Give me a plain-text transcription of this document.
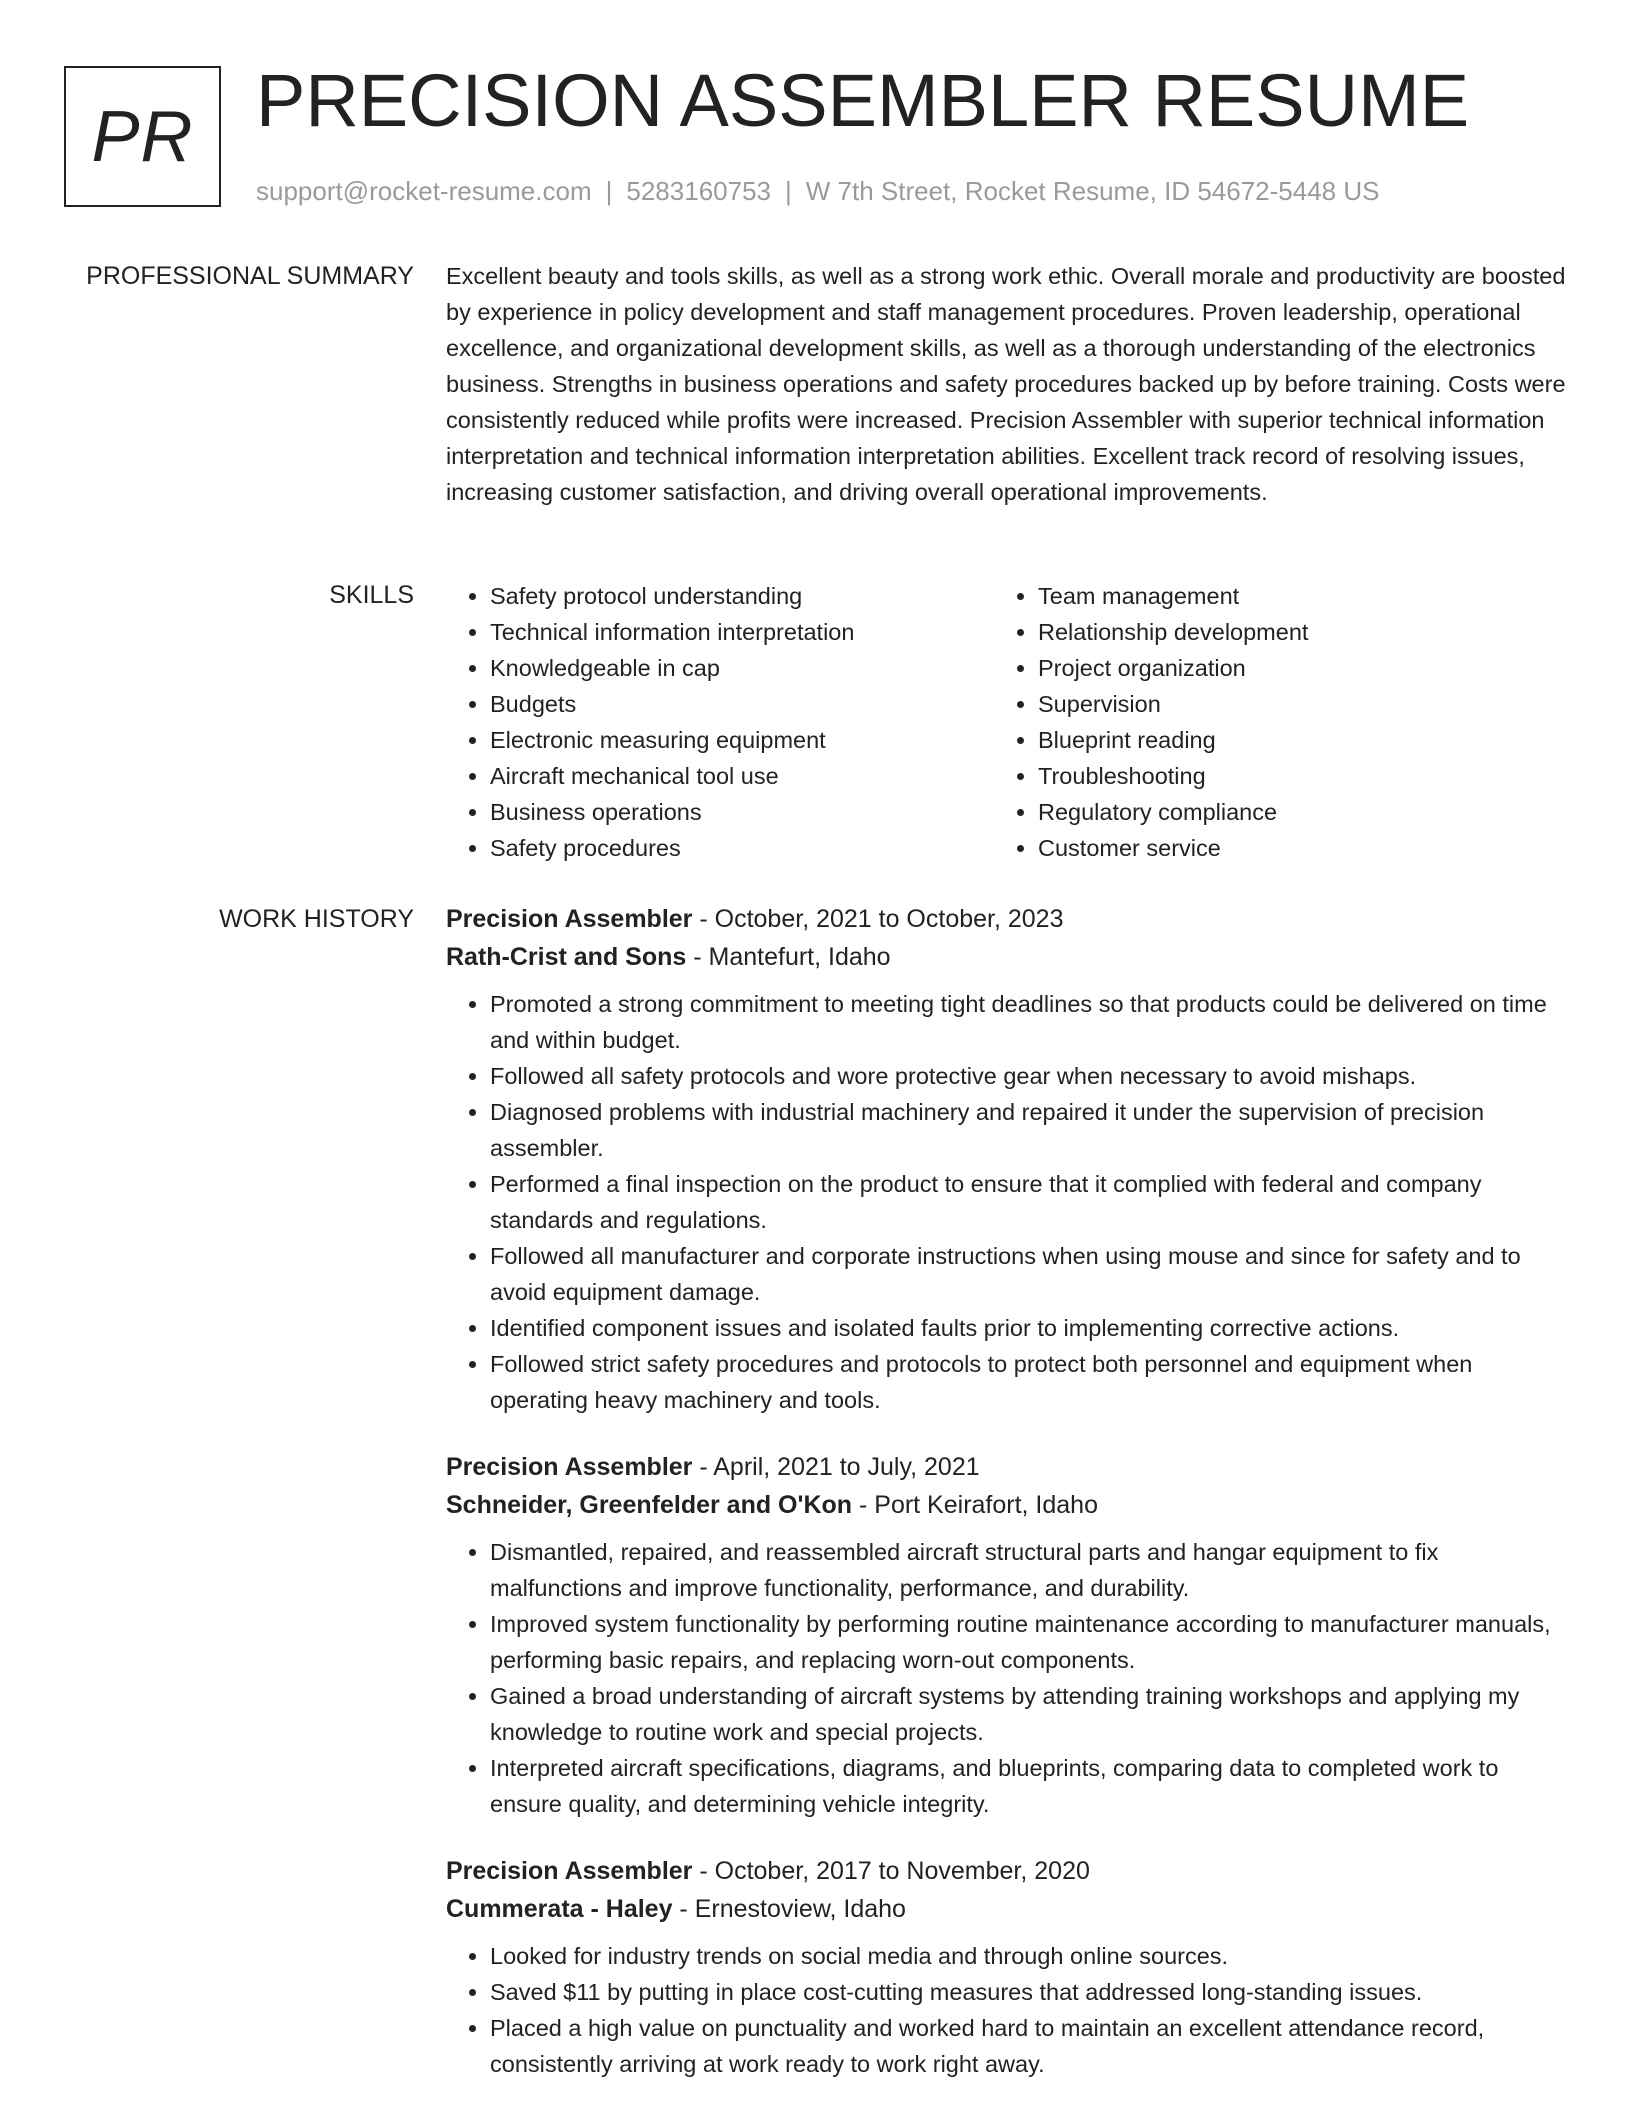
PR PRECISION ASSEMBLER RESUME
support@rocket-resume.com | 5283160753 | W 7th Street, Rocket Resume, ID 54672-5448 US
PROFESSIONAL SUMMARY Excellent beauty and tools skills, as well as a strong work ethic. Overall morale and productivity are boosted by experience in policy development and staff management procedures. Proven leadership, operational excellence, and organizational development skills, as well as a thorough understanding of the electronics business. Strengths in business operations and safety procedures backed up by before training. Costs were consistently reduced while profits were increased. Precision Assembler with superior technical information interpretation and technical information interpretation abilities. Excellent track record of resolving issues, increasing customer satisfaction, and driving overall operational improvements.

SKILLS
•	Safety protocol understanding
• Technical information interpretation
• Knowledgeable in cap
• Budgets
• Electronic measuring equipment
• Aircraft mechanical tool use
• Business operations
• Safety procedures
• Team management
• Relationship development
• Project organization
• Supervision
• Blueprint reading
• Troubleshooting
• Regulatory compliance
• Customer service
WORK HISTORY Precision Assembler - October, 2021 to October, 2023
Rath-Crist and Sons - Mantefurt, Idaho
• Promoted a strong commitment to meeting tight deadlines so that products could be delivered on time and within budget.
• Followed all safety protocols and wore protective gear when necessary to avoid mishaps.
• Diagnosed problems with industrial machinery and repaired it under the supervision of precision assembler.
• Performed a final inspection on the product to ensure that it complied with federal and company standards and regulations.
• Followed all manufacturer and corporate instructions when using mouse and since for safety and to avoid equipment damage.
• Identified component issues and isolated faults prior to implementing corrective actions.
• Followed strict safety procedures and protocols to protect both personnel and equipment when operating heavy machinery and tools.
Precision Assembler - April, 2021 to July, 2021
Schneider, Greenfelder and O'Kon - Port Keirafort, Idaho
• Dismantled, repaired, and reassembled aircraft structural parts and hangar equipment to fix malfunctions and improve functionality, performance, and durability.
• Improved system functionality by performing routine maintenance according to manufacturer manuals, performing basic repairs, and replacing worn-out components.
• Gained a broad understanding of aircraft systems by attending training workshops and applying my knowledge to routine work and special projects.
• Interpreted aircraft specifications, diagrams, and blueprints, comparing data to completed work to ensure quality, and determining vehicle integrity.
Precision Assembler - October, 2017 to November, 2020
Cummerata - Haley - Ernestoview, Idaho
• Looked for industry trends on social media and through online sources.
• Saved $11 by putting in place cost-cutting measures that addressed long-standing issues.
• Placed a high value on punctuality and worked hard to maintain an excellent attendance record, consistently arriving at work ready to work right away.
